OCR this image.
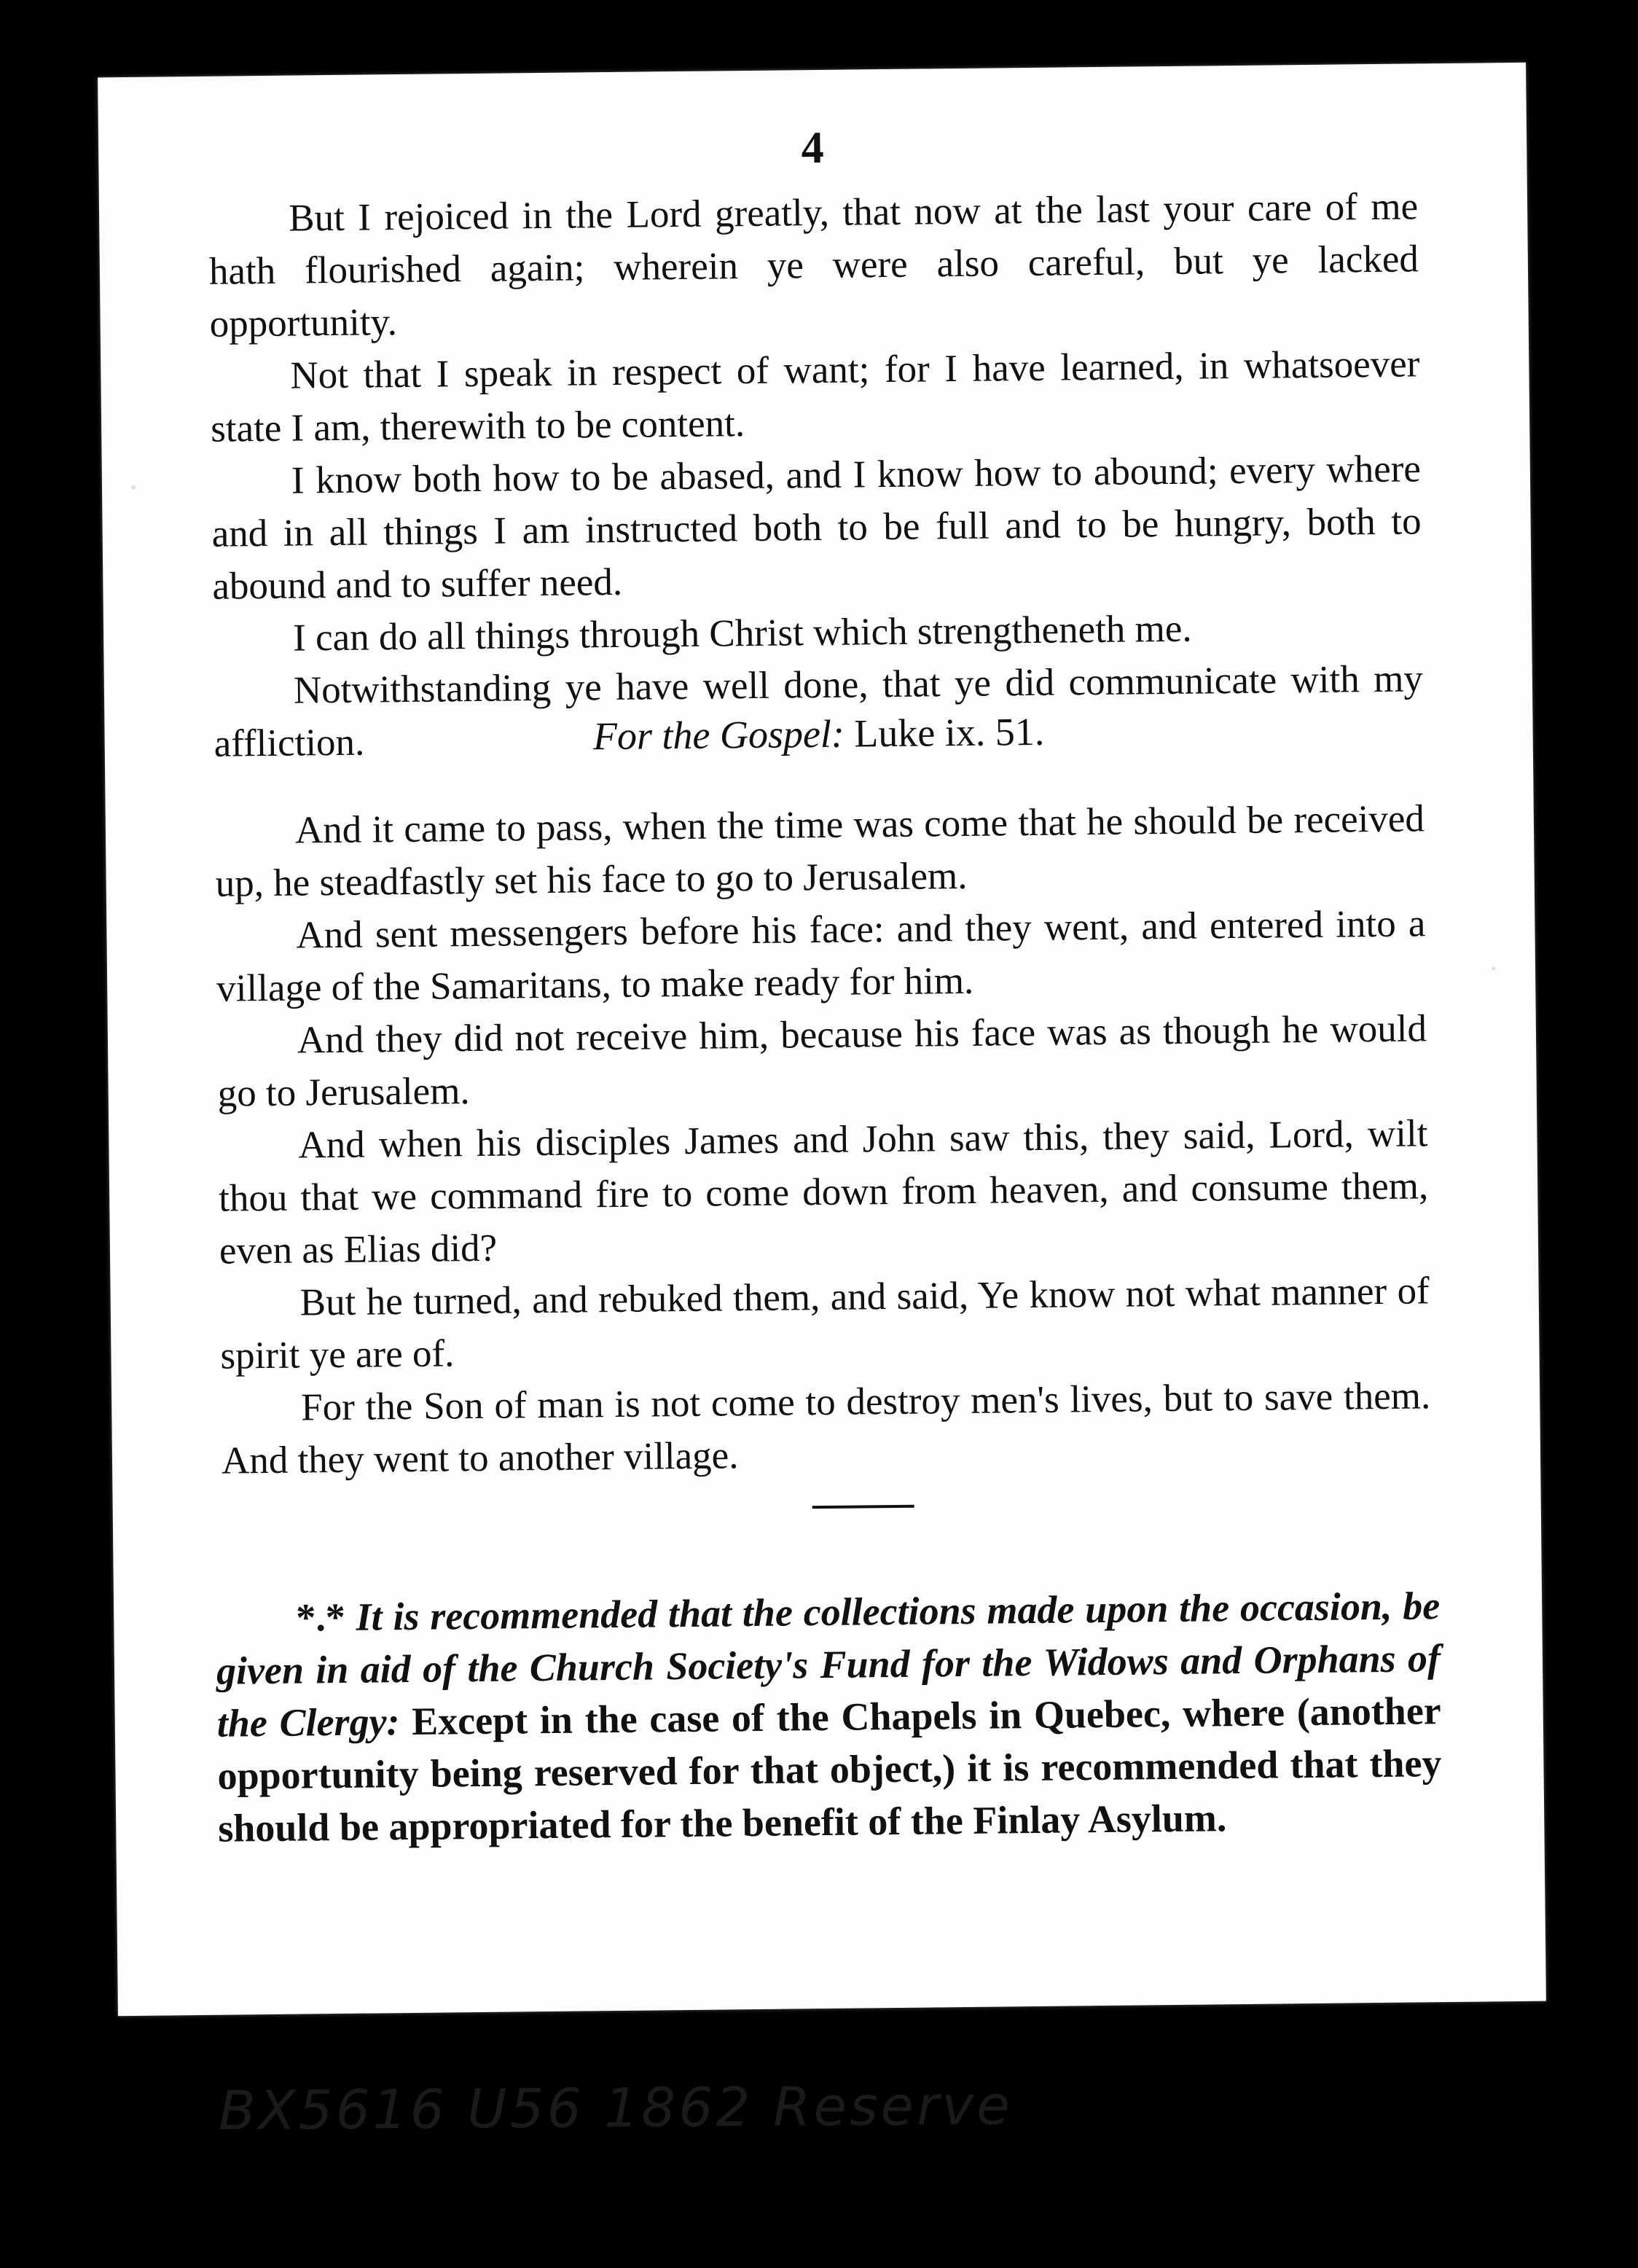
4

But I rejoiced in the Lord greatly, that now at the last your care of me hath flourished again; wherein ye were also careful, but ye lacked opportunity.

Not that I speak in respect of want; for I have learned, in whatsoever state I am, therewith to be content.

I know both how to be abased, and I know how to abound; every where and in all things I am instructed both to be full and to be hungry, both to abound and to suffer need.

I can do all things through Christ which strengtheneth me.

Notwithstanding ye have well done, that ye did communicate with my affliction.	For the Gospel: Luke ix. 51.

And it came to pass, when the time was come that he should be received up, he steadfastly set his face to go to Jerusalem.

And sent messengers before his face: and they went, and entered into a village of the Samaritans, to make ready for him.

And they did not receive him, because his face was as though he would go to Jerusalem.

And when his disciples James and John saw this, they said, Lord, wilt thou that we command fire to come down from heaven, and consume them, even as Elias did?

But he turned, and rebuked them, and said, Ye know not what manner of spirit ye are of.

For the Son of man is not come to destroy men's lives, but to save them. And they went to another village.

*.* It is recommended that the collections made upon the occasion, be given in aid of the Church Society's Fund for the Widows and Orphans of the Clergy: Except in the case of the Chapels in Quebec, where (another opportunity being reserved for that object,) it is recommended that they should be appropriated for the benefit of the Finlay Asylum.

BX5616 U56 1862 Reserve
